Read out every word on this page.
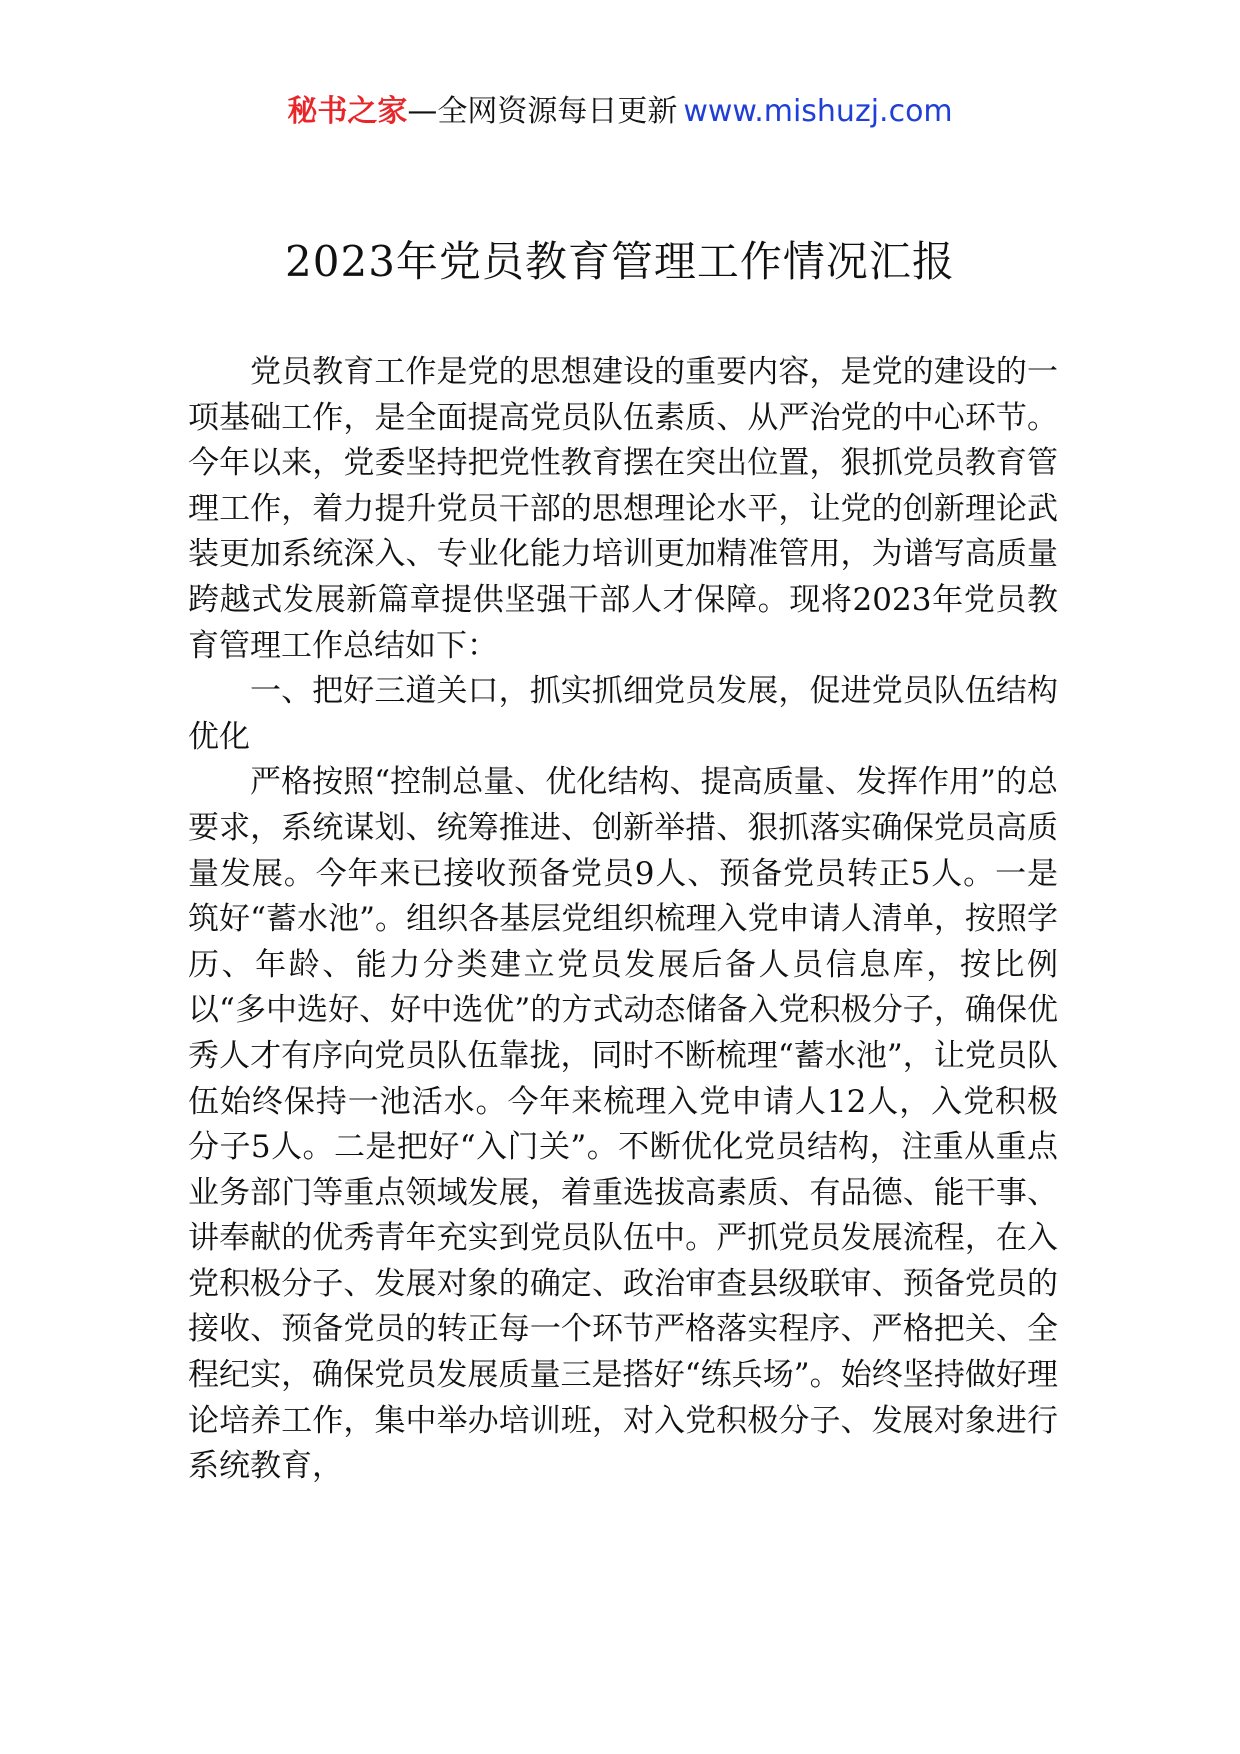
秘书之家—全网资源每日更新 www.mishuzj.com
2023年党员教育管理工作情况汇报

党员教育工作是党的思想建设的重要内容，是党的建设的一项基础工作，是全面提高党员队伍素质、从严治党的中心环节。今年以来，党委坚持把党性教育摆在突出位置，狠抓党员教育管理工作，着力提升党员干部的思想理论水平，让党的创新理论武装更加系统深入、专业化能力培训更加精准管用，为谱写高质量跨越式发展新篇章提供坚强干部人才保障。现将2023年党员教育管理工作总结如下：

一、把好三道关口，抓实抓细党员发展，促进党员队伍结构优化

严格按照“控制总量、优化结构、提高质量、发挥作用”的总要求，系统谋划、统筹推进、创新举措、狠抓落实确保党员高质量发展。今年来已接收预备党员9人、预备党员转正5人。一是筑好“蓄水池”。组织各基层党组织梳理入党申请人清单，按照学历、年龄、能力分类建立党员发展后备人员信息库，按比例以“多中选好、好中选优”的方式动态储备入党积极分子，确保优秀人才有序向党员队伍靠拢，同时不断梳理“蓄水池”，让党员队伍始终保持一池活水。今年来梳理入党申请人12人，入党积极分子5人。二是把好“入门关”。不断优化党员结构，注重从重点业务部门等重点领域发展，着重选拔高素质、有品德、能干事、讲奉献的优秀青年充实到党员队伍中。严抓党员发展流程，在入党积极分子、发展对象的确定、政治审查县级联审、预备党员的接收、预备党员的转正每一个环节严格落实程序、严格把关、全程纪实，确保党员发展质量三是搭好“练兵场”。始终坚持做好理论培养工作，集中举办培训班，对入党积极分子、发展对象进行系统教育，
